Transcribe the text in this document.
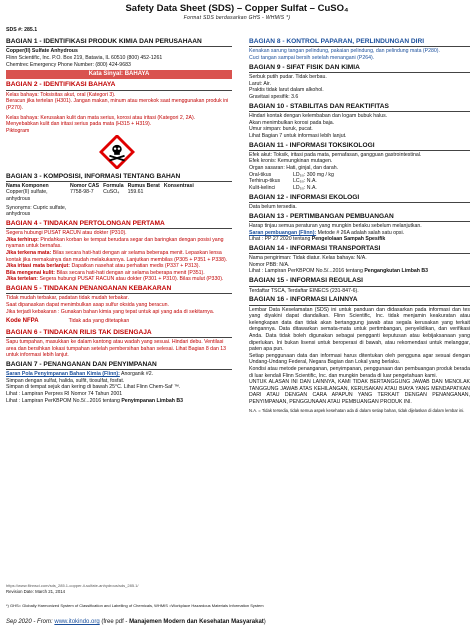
Safety Data Sheet (SDS) – Copper Sulfat – CuSO₄
Format SDS berdasarkan GHS - WHMIS *)
SDS #: 285.1
BAGIAN 1 - IDENTIFIKASI PRODUK KIMIA DAN PERUSAHAAN

Copper(II) Sulfate Anhydrous

Flinn Scientific, Inc. P.O. Box 219, Batavia, IL 60510 (800) 452-1261

Chemtrec Emergency Phone Number: (800) 424-9683

Kata Sinyal: BAHAYA
BAGIAN 2 - IDENTIFIKASI BAHAYA

Kelas bahaya: Toksisitas akut, oral (Kategori 3).

Beracun jika tertelan (H301). Jangan makan, minum atau merokok saat menggunakan produk ini (P270).

Kelas bahaya: Kerusakan kulit dan mata serius, korosi atau iritasi (Kategori 2, 2A).

Menyebabkan kulit dan iritasi serius pada mata (H315 + H319).

Piktogram

BAGIAN 3 - KOMPOSISI, INFORMASI TENTANG BAHAN
Nama Komponen	Nomor CAS	Formula	Rumus Berat	Konsentrasi
Copper(II) sulfate, anhydrous	7758-98-7	CuSO₄	159.61	

Synonyms: Cupric sulfate, anhydrous

BAGIAN 4 - TINDAKAN PERTOLONGAN PERTAMA

Segera hubungi PUSAT RACUN atau dokter (P310).

Jika terhirup: Pindahkan korban ke tempat berudara segar dan baringkan dengan posisi yang nyaman untuk bernafas.

Jika terkena mata: Bilas secara hati-hati dengan air selama beberapa menit. Lepaskan lensa kontak jika memakainya dan mudah melakukannya. Lanjutkan membilas (P305 + P351 + P338).

Jika iritasi mata berlanjut: Dapatkan nasehat atau perhatian medis (P337 + P313).

Bila mengenai kulit: Bilas secara hati-hati dengan air selama beberapa menit (P351).

Jika tertelan: Segera hubungi PUSAT RACUN atau dokter (P301 + P310). Bilas mulut (P330).

BAGIAN 5 - TINDAKAN PENANGANAN KEBAKARAN

Tidak mudah terbakar, padatan tidak mudah terbakar.

Saat dipanaskan dapat menimbulkan asap sulfur oksida yang beracun.

Jika terjadi kebakaran : Gunakan bahan kimia yang tepat untuk api yang ada di sekitarnya.

Kode NFPA	Tidak ada yang ditetapkan
BAGIAN 6 - TINDAKAN RILIS TAK DISENGAJA

Sapu tumpahan, masukkan ke dalam kantong atau wadah yang sesuai. Hindari debu. Ventilasi area dan bersihkan lokasi tumpahan setelah pembersihan bahan selesai. Lihat Bagian 8 dan 13 untuk informasi lebih lanjut.

BAGIAN 7 - PENANGANAN DAN PENYIMPANAN

Saran Pola Penyimpanan Bahan Kimia (Flinn): Anorganik #2.

Simpan dengan sulfat, halida, sulfit, tiosulfat, fosfat.

Simpan di tempat sejuk dan kering di bawah 25°C. Lihat Flinn Chem-Saf ™.

Lihat : Lampiran Perpres RI Nomor 74 Tahun 2001

Lihat : Lampiran PerKBPOM No.5/...2016 tentang Penyimpanan Limbah B3

BAGIAN 8 - KONTROL PAPARAN, PERLINDUNGAN DIRI

Kenakan sarung tangan pelindung, pakaian pelindung, dan pelindung mata (P280).

Cuci tangan sampai bersih setelah menangani (P264).

BAGIAN 9 - SIFAT FISIK DAN KIMIA

Serbuk putih pudar. Tidak berbau.

Larut: Air.

Praktis tidak larut dalam alkohol.

Gravitasi spesifik: 3.6

BAGIAN 10 - STABILITAS DAN REAKTIFITAS

Hindari kontak dengan kelembaban dan logam bubuk halus.

Akan menimbulkan korosi pada baja.

Umur simpan: buruk, pucat.

Lihat Bagian 7 untuk informasi lebih lanjut.

BAGIAN 11 - INFORMASI TOKSIKOLOGI

Efek akut: Toksik, iritasi pada mata, pernafasan, gangguan gastrointestinal.

Efek kronis: Kemungkinan mutagen.

Organ sasaran: Hati, ginjal, dan darah.

Oral-tikus	LD₅₀: 300 mg / kg
Terhirup-tikus	LC₅₀: N.A.
Kulit-kelinci	LD₅₀: N.A.
BAGIAN 12 - INFORMASI EKOLOGI

Data belum tersedia.

BAGIAN 13 - PERTIMBANGAN PEMBUANGAN

Harap tinjau semua peraturan yang mungkin berlaku sebelum melanjutkan.

Saran pembuangan (Flinn): Metode # 26A adalah salah satu opsi.

Lihat : PP 27 2020 tentang Pengelolaan Sampah Spesifik

BAGIAN 14 - INFORMASI TRANSPORTASI

Nama pengiriman: Tidak diatur. Kelas bahaya: N/A.

Nomor PBB: N/A.

Lihat : Lampiran PerKBPOM No.5/...2016 tentang Pengangkutan Limbah B3

BAGIAN 15 - INFORMASI REGULASI

Terdaftar TSCA, Terdaftar EINECS (231-847-6).

BAGIAN 16 - INFORMASI LAINNYA

Lembar Data Keselamatan (SDS) ini untuk panduan dan didasarkan pada informasi dan tes yang diyakini dapat diandalkan. Flinn Scientific, Inc. tidak menjamin keakuratan atau kelengkapan data dan tidak akan bertanggung jawab atas segala kerusakan yang terkait dengannya. Data ditawarkan semata-mata untuk pertimbangan, penyelidikan, dan verifikasi Anda. Data tidak boleh digunakan sebagai pengganti keputusan atau kebijaksanaan yang diperlukan. Ini bukan lisensi untuk beroperasi di bawah, atau rekomendasi untuk melanggar, paten apa pun.

Setiap penggunaan data dan informasi harus ditentukan oleh pengguna agar sesuai dengan Undang-Undang Federal, Negara Bagian dan Lokal yang berlaku.

Kondisi atau metode penanganan, penyimpanan, penggunaan dan pembuangan produk berada di luar kendali Flinn Scientific, Inc. dan mungkin berada di luar pengetahuan kami.

UNTUK ALASAN INI DAN LAINNYA, KAMI TIDAK BERTANGGUNG JAWAB DAN MENOLAK TANGGUNG JAWAB ATAS KEHILANGAN, KERUSAKAN ATAU BIAYA YANG MENDAPATKAN DARI ATAU DENGAN CARA APAPUN YANG TERKAIT DENGAN PENANGANAN, PENYIMPANAN, PENGGUNAAN ATAU PEMBUANGAN PRODUK INI.

N.A. = Tidak tersedia, tidak semua aspek kesehatan ada di dalam setiap bahan, tidak dijelaskan di dalam lembar ini.

https://www.flinnsci.com/sds_285.1-copper-ii-sulfate-anhydrous/sds_285.1/
Revision Date: March 21, 2014
*) GHS= Globally Harmonized System of Classification and Labelling of Chemicals, WHMIS =Workplace Hazardous Materials Information System
Sep 2020 - From: www.itokindo.org (free pdf - Manajemen Modern dan Kesehatan Masyarakat)
